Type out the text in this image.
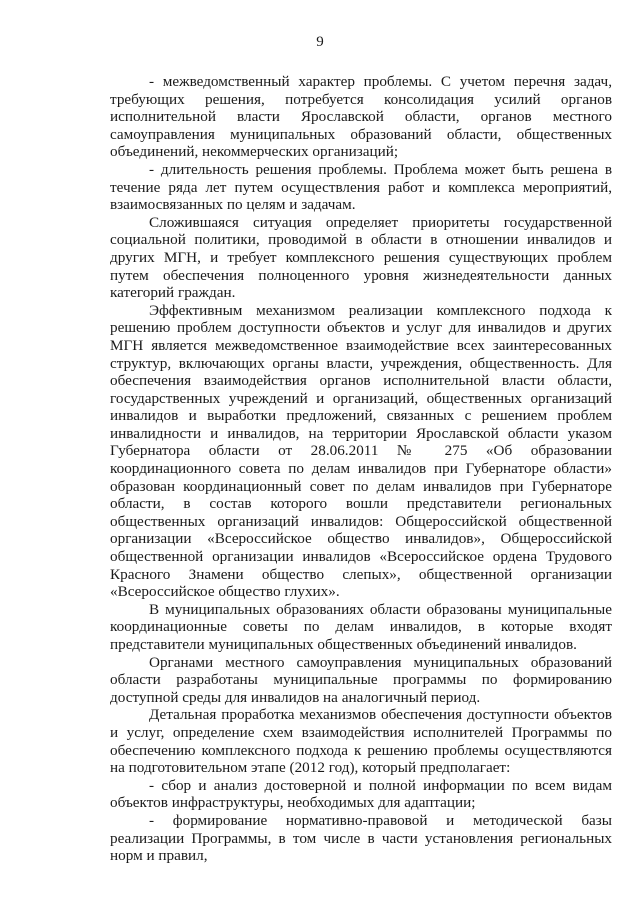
9

- межведомственный характер проблемы. С учетом перечня задач, требующих решения, потребуется консолидация усилий органов исполнительной власти Ярославской области, органов местного самоуправления муниципальных образований области, общественных объединений, некоммерческих организаций;

- длительность решения проблемы. Проблема может быть решена в течение ряда лет путем осуществления работ и комплекса мероприятий, взаимосвязанных по целям и задачам.

Сложившаяся ситуация определяет приоритеты государственной социальной политики, проводимой в области в отношении инвалидов и других МГН, и требует комплексного решения существующих проблем путем обеспечения полноценного уровня жизнедеятельности данных категорий граждан.

Эффективным механизмом реализации комплексного подхода к решению проблем доступности объектов и услуг для инвалидов и других МГН является межведомственное взаимодействие всех заинтересованных структур, включающих органы власти, учреждения, общественность. Для обеспечения взаимодействия органов исполнительной власти области, государственных учреждений и организаций, общественных организаций инвалидов и выработки предложений, связанных с решением проблем инвалидности и инвалидов, на территории Ярославской области указом Губернатора области от 28.06.2011 № 275 «Об образовании координационного совета по делам инвалидов при Губернаторе области» образован координационный совет по делам инвалидов при Губернаторе области, в состав которого вошли представители региональных общественных организаций инвалидов: Общероссийской общественной организации «Всероссийское общество инвалидов», Общероссийской общественной организации инвалидов «Всероссийское ордена Трудового Красного Знамени общество слепых», общественной организации «Всероссийское общество глухих».

В муниципальных образованиях области образованы муниципальные координационные советы по делам инвалидов, в которые входят представители муниципальных общественных объединений инвалидов.

Органами местного самоуправления муниципальных образований области разработаны муниципальные программы по формированию доступной среды для инвалидов на аналогичный период.

Детальная проработка механизмов обеспечения доступности объектов и услуг, определение схем взаимодействия исполнителей Программы по обеспечению комплексного подхода к решению проблемы осуществляются на подготовительном этапе (2012 год), который предполагает:

- сбор и анализ достоверной и полной информации по всем видам объектов инфраструктуры, необходимых для адаптации;

- формирование нормативно-правовой и методической базы реализации Программы, в том числе в части установления региональных норм и правил,
